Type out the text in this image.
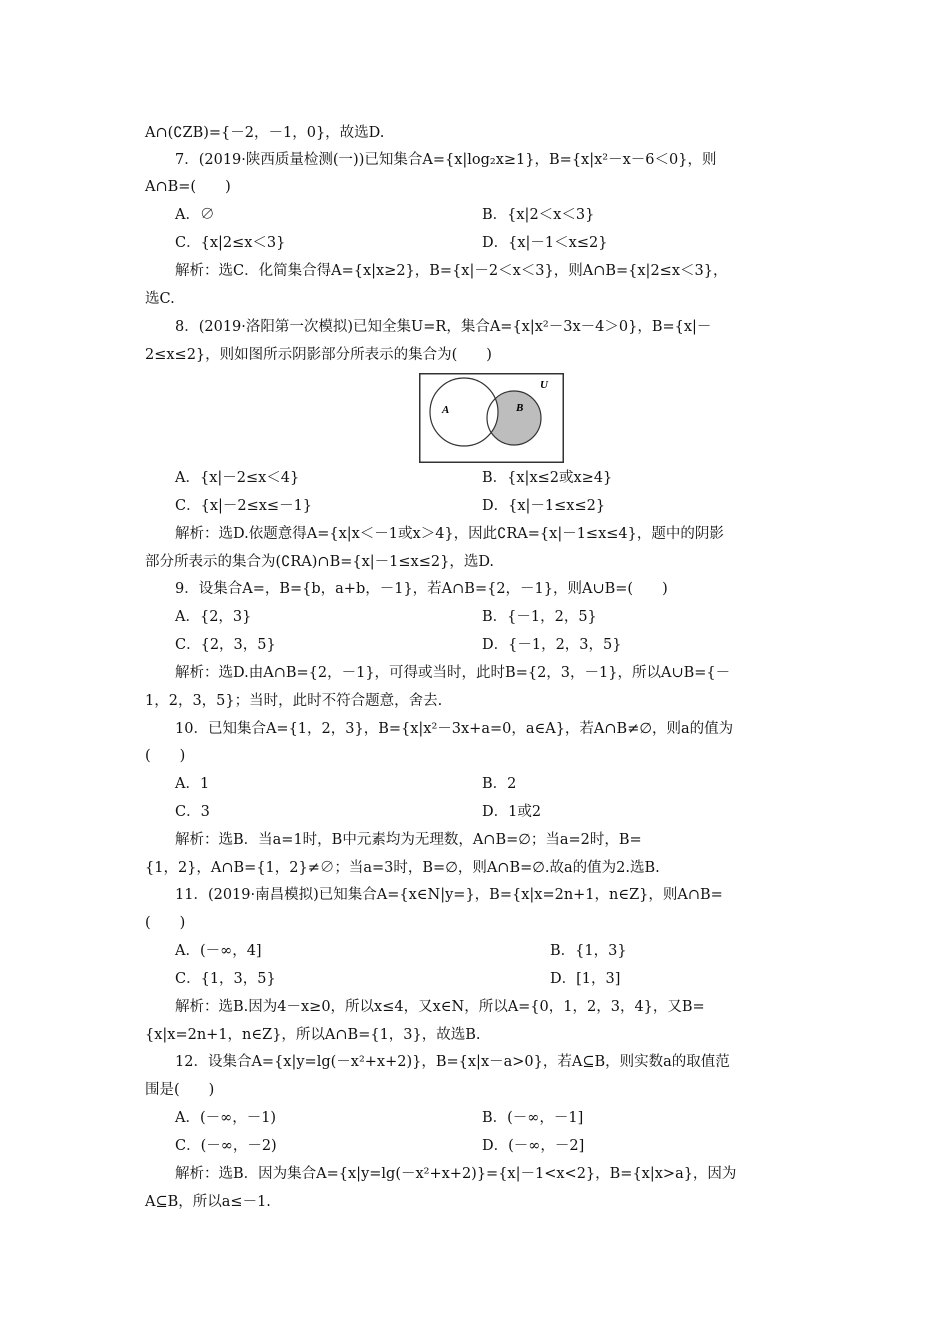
A∩(∁ZB)={－2，－1，0}，故选D.
7．(2019·陕西质量检测(一))已知集合A={x|log₂x≥1}，B={x|x²－x－6＜0}，则
A∩B=(　　)
A．∅	B．{x|2＜x＜3}
C．{x|2≤x＜3}	D．{x|－1＜x≤2}
解析：选C．化简集合得A={x|x≥2}，B={x|－2＜x＜3}，则A∩B={x|2≤x＜3}，
选C.
8．(2019·洛阳第一次模拟)已知全集U=R，集合A={x|x²－3x－4＞0}，B={x|－
2≤x≤2}，则如图所示阴影部分所表示的集合为(　　)
A	B
U
A．{x|－2≤x＜4}	B．{x|x≤2或x≥4}
C．{x|－2≤x≤－1}	D．{x|－1≤x≤2}
解析：选D.依题意得A={x|x＜－1或x＞4}，因此∁RA={x|－1≤x≤4}，题中的阴影
部分所表示的集合为(∁RA)∩B={x|－1≤x≤2}，选D.
9．设集合A=，B={b，a+b，－1}，若A∩B={2，－1}，则A∪B=(　　)
A．{2，3}	B．{－1，2，5}
C．{2，3，5}	D．{－1，2，3，5}
解析：选D.由A∩B={2，－1}，可得或当时，此时B={2，3，－1}，所以A∪B={－
1，2，3，5}；当时，此时不符合题意，舍去.
10．已知集合A={1，2，3}，B={x|x²－3x+a=0，a∈A}，若A∩B≠∅，则a的值为
(　　)
A．1	B．2
C．3	D．1或2
解析：选B．当a=1时，B中元素均为无理数，A∩B=∅；当a=2时，B=
{1，2}，A∩B={1，2}≠∅；当a=3时，B=∅，则A∩B=∅.故a的值为2.选B.
11．(2019·南昌模拟)已知集合A={x∈N|y=}，B={x|x=2n+1，n∈Z}，则A∩B=
(　　)
A．(－∞，4]	B．{1，3}
C．{1，3，5}	D．[1，3]
解析：选B.因为4－x≥0，所以x≤4，又x∈N，所以A={0，1，2，3，4}，又B=
{x|x=2n+1，n∈Z}，所以A∩B={1，3}，故选B.
12．设集合A={x|y=lg(－x²+x+2)}，B={x|x－a>0}，若A⊆B，则实数a的取值范
围是(　　)
A．(－∞，－1)	B．(－∞，－1]
C．(－∞，－2)	D．(－∞，－2]
解析：选B．因为集合A={x|y=lg(－x²+x+2)}={x|－1<x<2}，B={x|x>a}，因为
A⊆B，所以a≤－1.
